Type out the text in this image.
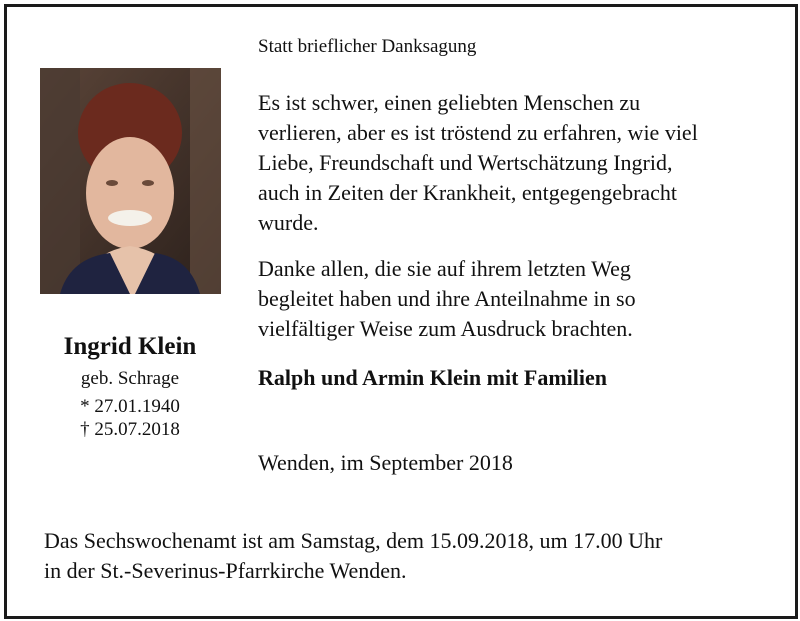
Ingrid Klein
geb. Schrage
* 27.01.1940
† 25.07.2018
Statt brieflicher Danksagung

Es ist schwer, einen geliebten Menschen zu
verlieren, aber es ist tröstend zu erfahren, wie viel
Liebe, Freundschaft und Wertschätzung Ingrid,
auch in Zeiten der Krankheit, entgegengebracht
wurde.

Danke allen, die sie auf ihrem letzten Weg
begleitet haben und ihre Anteilnahme in so
vielfältiger Weise zum Ausdruck brachten.

Ralph und Armin Klein mit Familien
Wenden, im September 2018

Das Sechswochenamt ist am Samstag, dem 15.09.2018, um 17.00 Uhr
in der St.-Severinus-Pfarrkirche Wenden.
